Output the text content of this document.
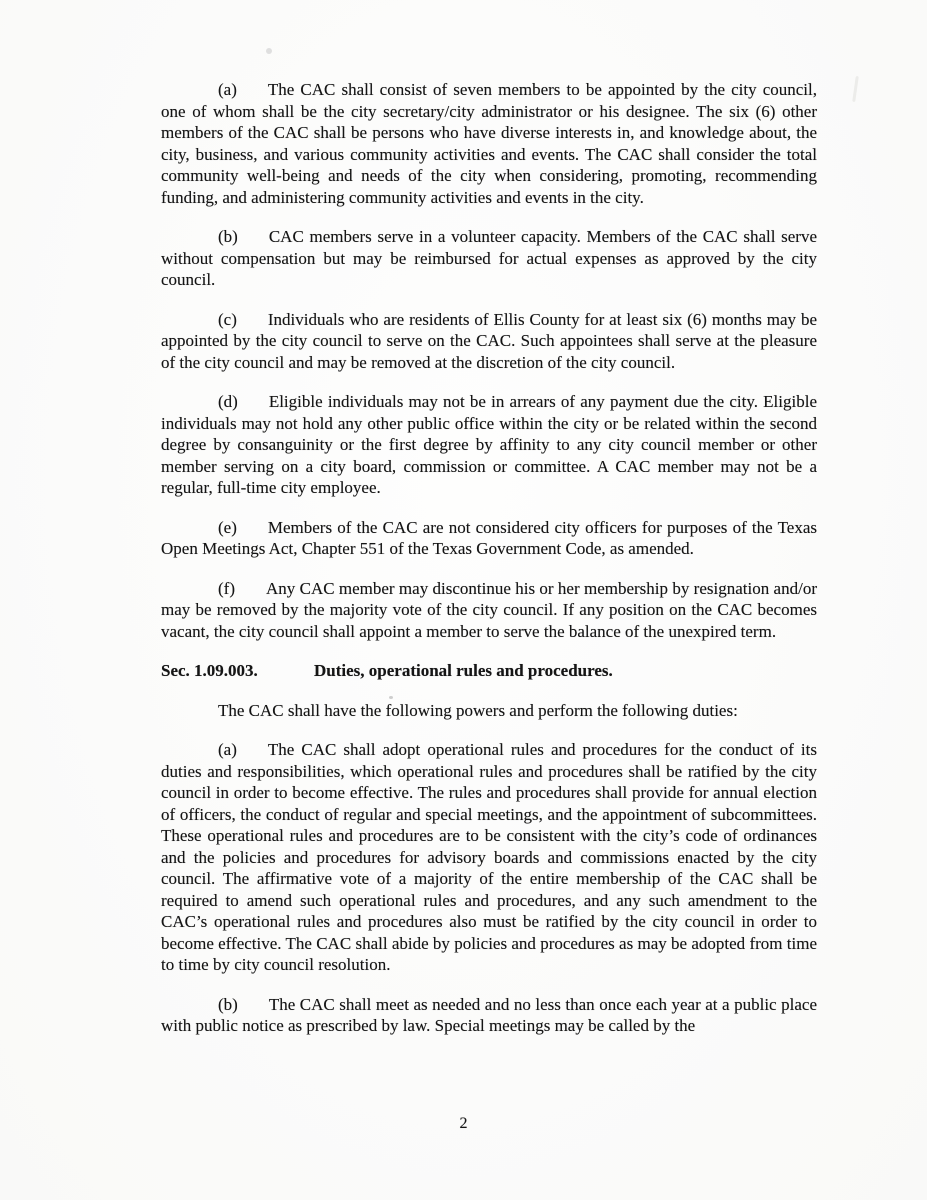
(a) The CAC shall consist of seven members to be appointed by the city council, one of whom shall be the city secretary/city administrator or his designee. The six (6) other members of the CAC shall be persons who have diverse interests in, and knowledge about, the city, business, and various community activities and events. The CAC shall consider the total community well-being and needs of the city when considering, promoting, recommending funding, and administering community activities and events in the city.

(b) CAC members serve in a volunteer capacity. Members of the CAC shall serve without compensation but may be reimbursed for actual expenses as approved by the city council.

(c) Individuals who are residents of Ellis County for at least six (6) months may be appointed by the city council to serve on the CAC. Such appointees shall serve at the pleasure of the city council and may be removed at the discretion of the city council.

(d) Eligible individuals may not be in arrears of any payment due the city. Eligible individuals may not hold any other public office within the city or be related within the second degree by consanguinity or the first degree by affinity to any city council member or other member serving on a city board, commission or committee. A CAC member may not be a regular, full-time city employee.

(e) Members of the CAC are not considered city officers for purposes of the Texas Open Meetings Act, Chapter 551 of the Texas Government Code, as amended.

(f) Any CAC member may discontinue his or her membership by resignation and/or may be removed by the majority vote of the city council. If any position on the CAC becomes vacant, the city council shall appoint a member to serve the balance of the unexpired term.

Sec. 1.09.003.	Duties, operational rules and procedures.

The CAC shall have the following powers and perform the following duties:

(a) The CAC shall adopt operational rules and procedures for the conduct of its duties and responsibilities, which operational rules and procedures shall be ratified by the city council in order to become effective. The rules and procedures shall provide for annual election of officers, the conduct of regular and special meetings, and the appointment of subcommittees. These operational rules and procedures are to be consistent with the city’s code of ordinances and the policies and procedures for advisory boards and commissions enacted by the city council. The affirmative vote of a majority of the entire membership of the CAC shall be required to amend such operational rules and procedures, and any such amendment to the CAC’s operational rules and procedures also must be ratified by the city council in order to become effective. The CAC shall abide by policies and procedures as may be adopted from time to time by city council resolution.

(b) The CAC shall meet as needed and no less than once each year at a public place with public notice as prescribed by law. Special meetings may be called by the

2
